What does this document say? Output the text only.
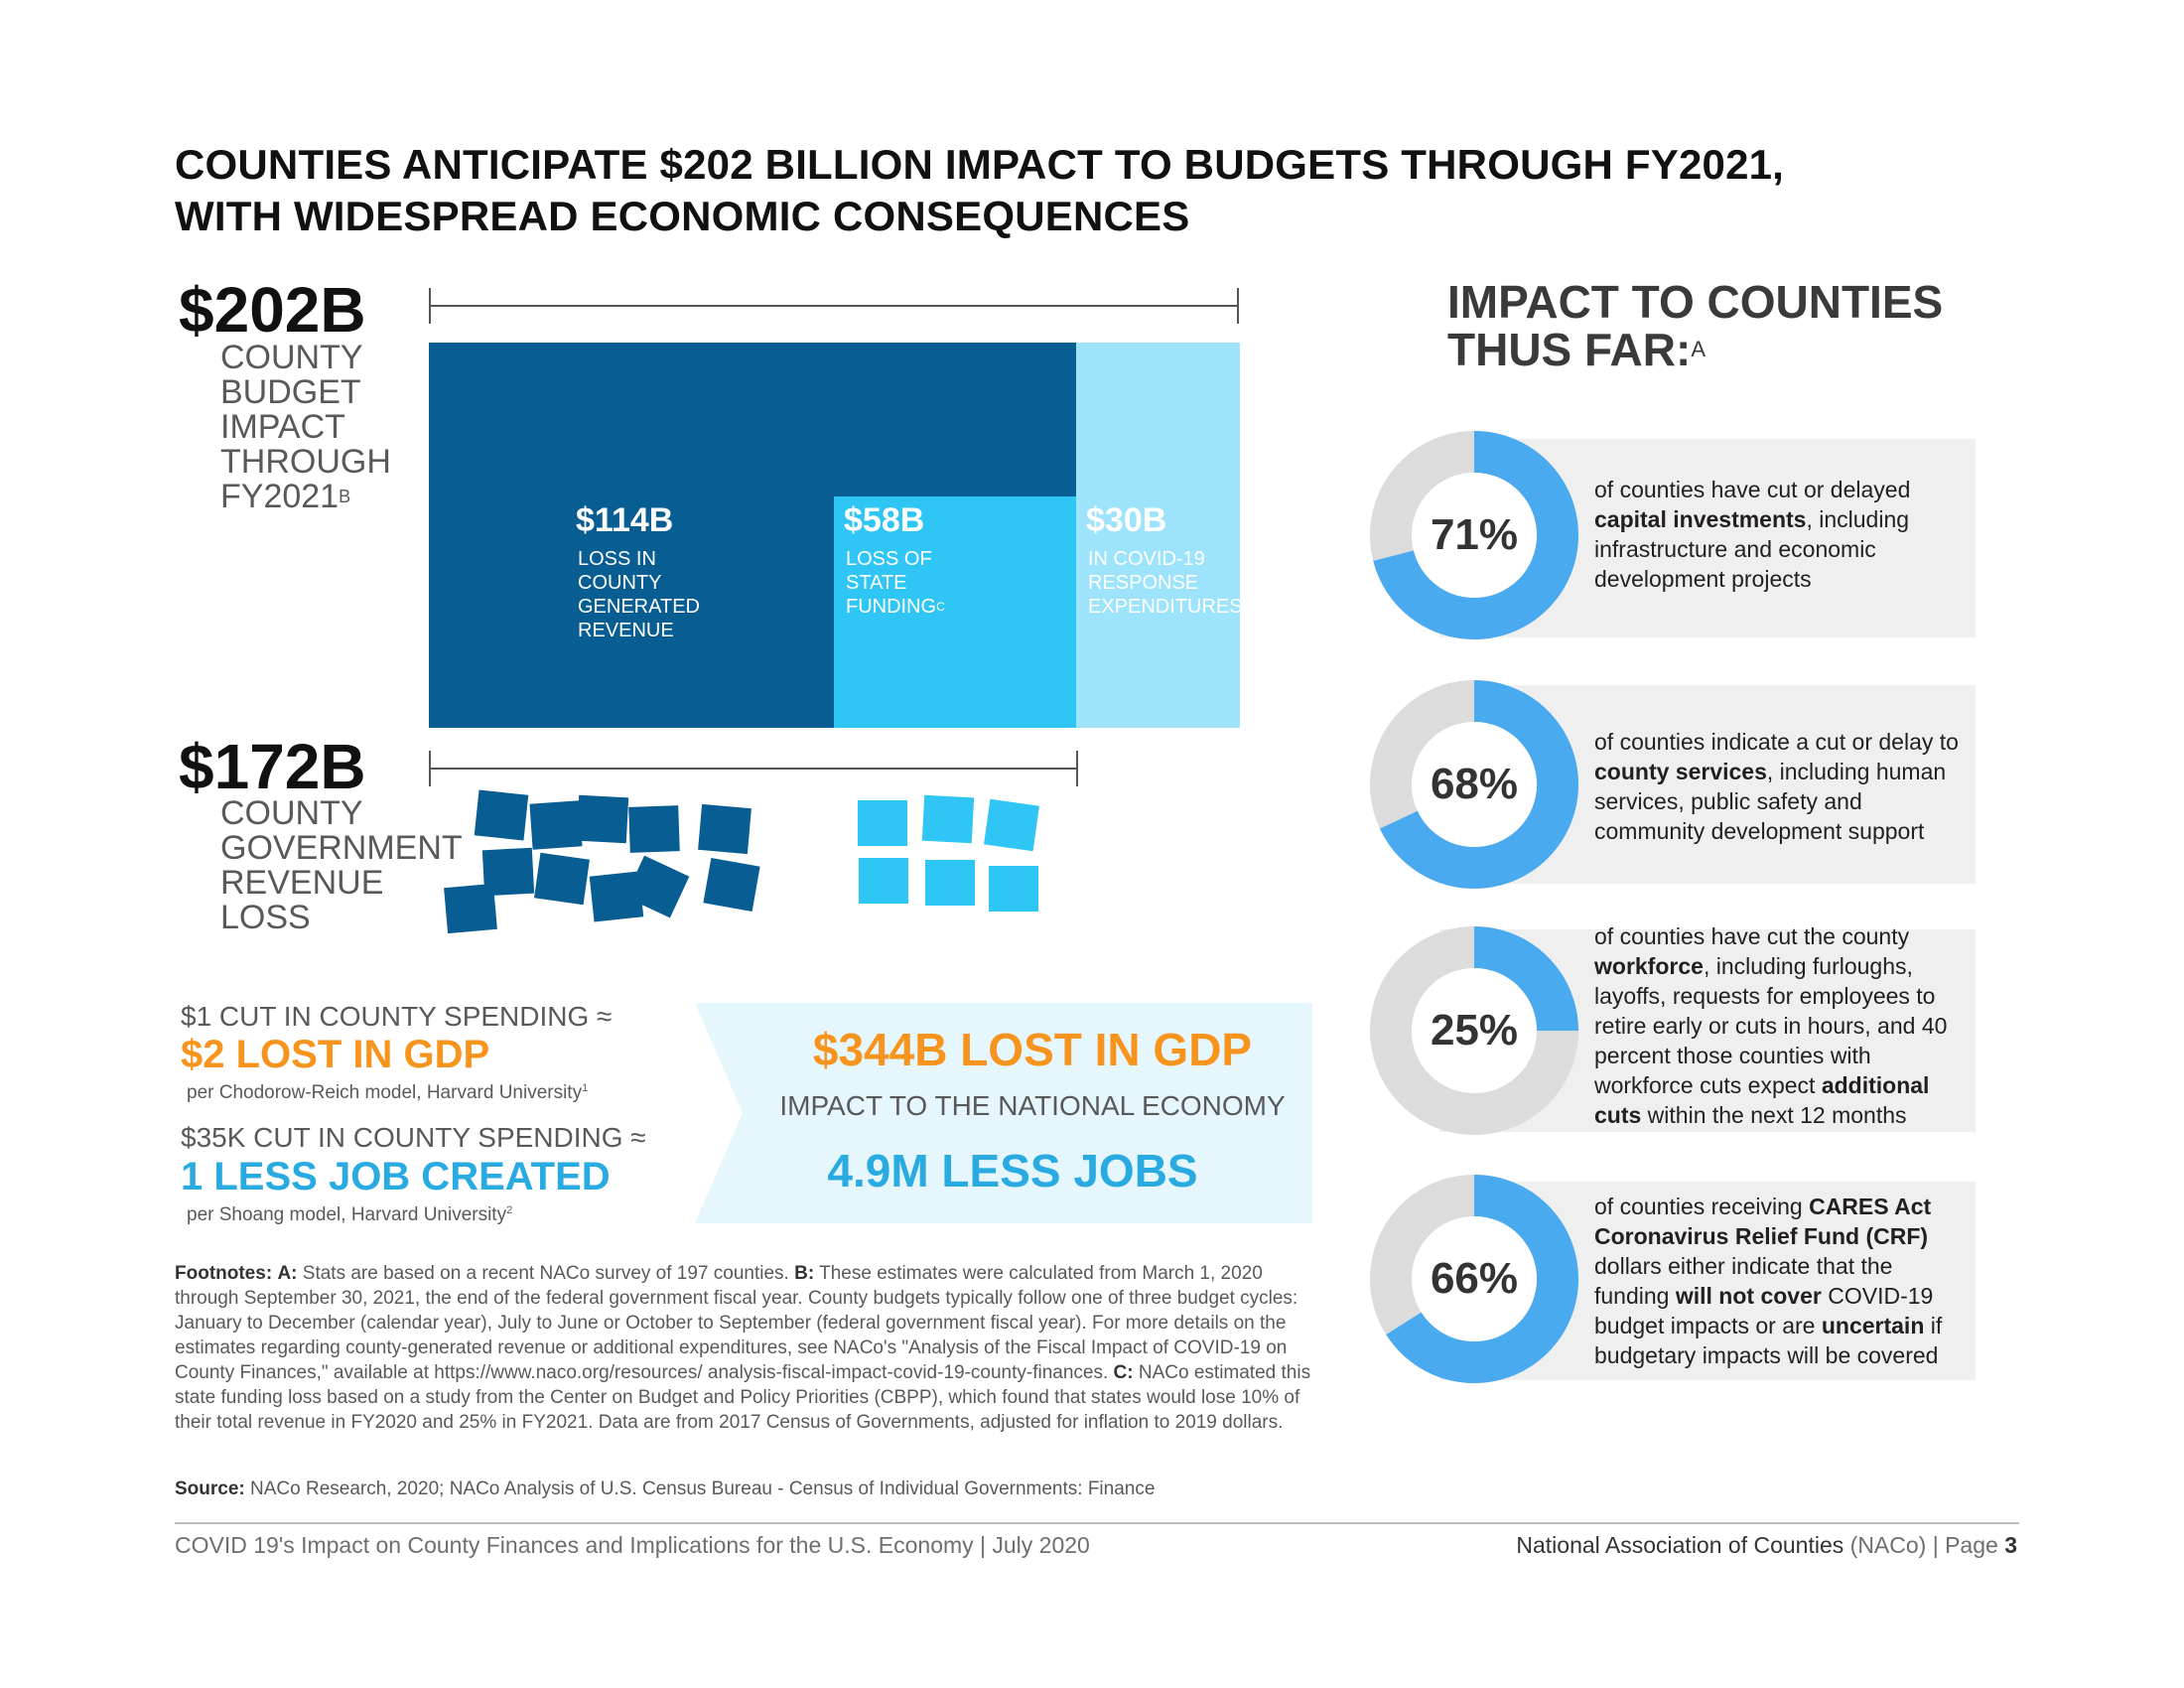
COUNTIES ANTICIPATE $202 BILLION IMPACT TO BUDGETS THROUGH FY2021,
WITH WIDESPREAD ECONOMIC CONSEQUENCES
$202B
COUNTY
BUDGET
IMPACT
THROUGH
$FY2021^B$
$114B
LOSS IN
COUNTY
GENERATED
REVENUE
$58B
LOSS OF
STATE
$FUNDING^C$
$30B
IN COVID-19
RESPONSE
EXPENDITURES
$172B
COUNTY
GOVERNMENT
REVENUE
LOSS
$1 CUT IN COUNTY SPENDING ≈
$2 LOST IN GDP
per Chodorow-Reich model, Harvard University$^1$
$35K CUT IN COUNTY SPENDING ≈
1 LESS JOB CREATED
per Shoang model, Harvard University$^2$
$344B LOST IN GDP
IMPACT TO THE NATIONAL ECONOMY
4.9M LESS JOBS
IMPACT TO COUNTIES
THUS FAR:$^A$
71%
68%
25%
66%
of counties have cut or delayed capital investments, including infrastructure and economic development projects
of counties indicate a cut or delay to county services, including human services, public safety and community development support
of counties have cut the county workforce, including furloughs, layoffs, requests for employees to retire early or cuts in hours, and 40 percent those counties with workforce cuts expect additional cuts within the next 12 months
of counties receiving CARES Act Coronavirus Relief Fund (CRF) dollars either indicate that the funding will not cover COVID-19 budget impacts or are uncertain if budgetary impacts will be covered
Footnotes: A: Stats are based on a recent NACo survey of 197 counties. B: These estimates were calculated from March 1, 2020 through September 30, 2021, the end of the federal government fiscal year. County budgets typically follow one of three budget cycles: January to December (calendar year), July to June or October to September (federal government fiscal year). For more details on the estimates regarding county-generated revenue or additional expenditures, see NACo's "Analysis of the Fiscal Impact of COVID-19 on County Finances," available at https://www.naco.org/resources/ analysis-fiscal-impact-covid-19-county-finances. C: NACo estimated this state funding loss based on a study from the Center on Budget and Policy Priorities (CBPP), which found that states would lose 10% of their total revenue in FY2020 and 25% in FY2021. Data are from 2017 Census of Governments, adjusted for inflation to 2019 dollars.
Source: NACo Research, 2020; NACo Analysis of U.S. Census Bureau - Census of Individual Governments: Finance
COVID 19's Impact on County Finances and Implications for the U.S. Economy | July 2020	National Association of Counties (NACo) | Page 3
